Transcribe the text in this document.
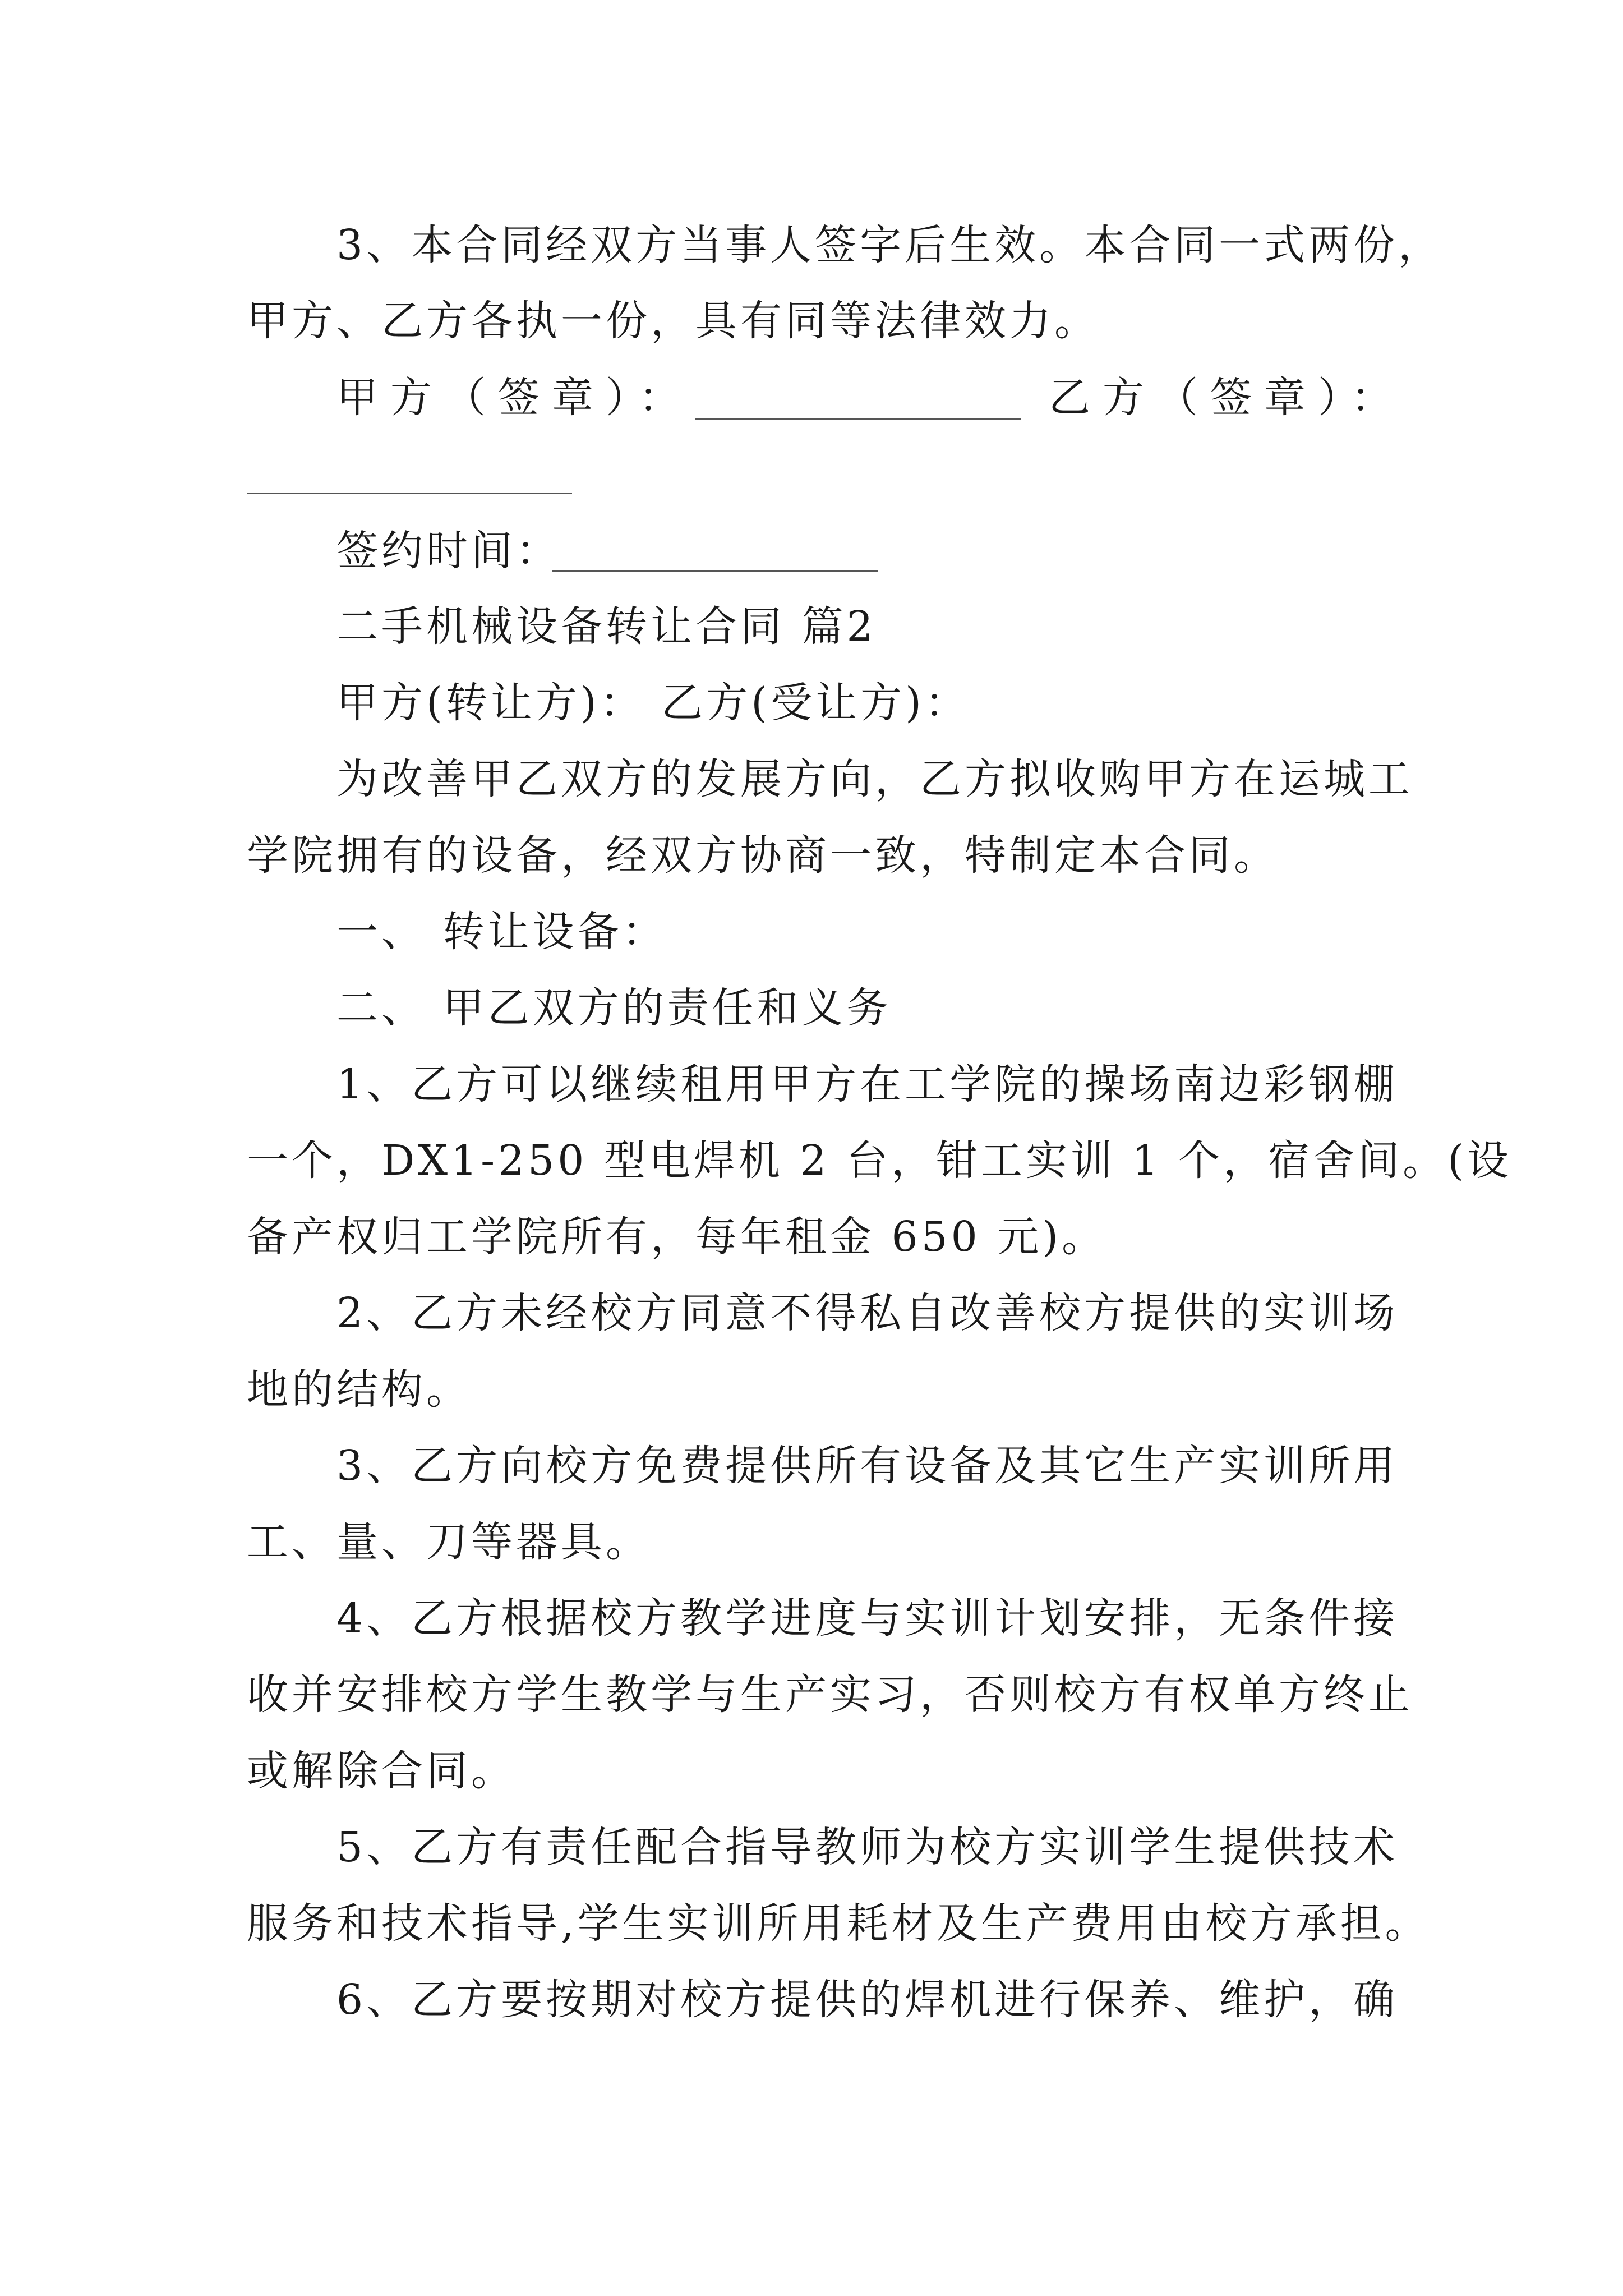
3、本合同经双方当事人签字后生效。本合同一式两份，
甲方、乙方各执一份，具有同等法律效力。
甲方（签章）：	乙方（签章）：
签约时间：
二手机械设备转让合同 篇2
甲方(转让方)： 乙方(受让方)：
为改善甲乙双方的发展方向，乙方拟收购甲方在运城工
学院拥有的设备，经双方协商一致，特制定本合同。
一、 转让设备：
二、 甲乙双方的责任和义务
1、乙方可以继续租用甲方在工学院的操场南边彩钢棚
一个，DX1-250 型电焊机 2 台，钳工实训 1 个，宿舍间。(设
备产权归工学院所有，每年租金 650 元)。
2、乙方未经校方同意不得私自改善校方提供的实训场
地的结构。
3、乙方向校方免费提供所有设备及其它生产实训所用
工、量、刀等器具。
4、乙方根据校方教学进度与实训计划安排，无条件接
收并安排校方学生教学与生产实习，否则校方有权单方终止
或解除合同。
5、乙方有责任配合指导教师为校方实训学生提供技术
服务和技术指导,学生实训所用耗材及生产费用由校方承担。
6、乙方要按期对校方提供的焊机进行保养、维护，确
